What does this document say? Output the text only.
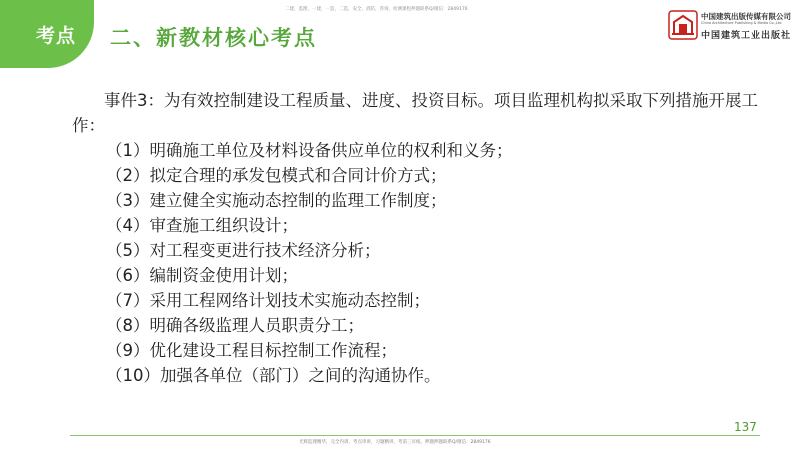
考点 二、新教材核心考点
二建，监理，一建，一造，二造，安全，消防，咨询，检测课程押题联系Q/微信：2849176
中国建筑出版传媒有限公司
China Architecture Publishing & Media Co.,Ltd
中国建筑工业出版社

事件3：为有效控制建设工程质量、进度、投资目标。项目监理机构拟采取下列措施开展工作：

（1）明确施工单位及材料设备供应单位的权利和义务；
（2）拟定合理的承发包模式和合同计价方式；
（3）建立健全实施动态控制的监理工作制度；
（4）审查施工组织设计；
（5）对工程变更进行技术经济分析；
（6）编制资金使用计划；
（7）采用工程网络计划技术实施动态控制；
（8）明确各级监理人员职责分工；
（9）优化建设工程目标控制工作流程；
（10）加强各单位（部门）之间的沟通协作。
137
光辉监理精华，完全内训，考点串讲，习题精讲，考前三页纸，押题押题联系Q/微信：2849176
